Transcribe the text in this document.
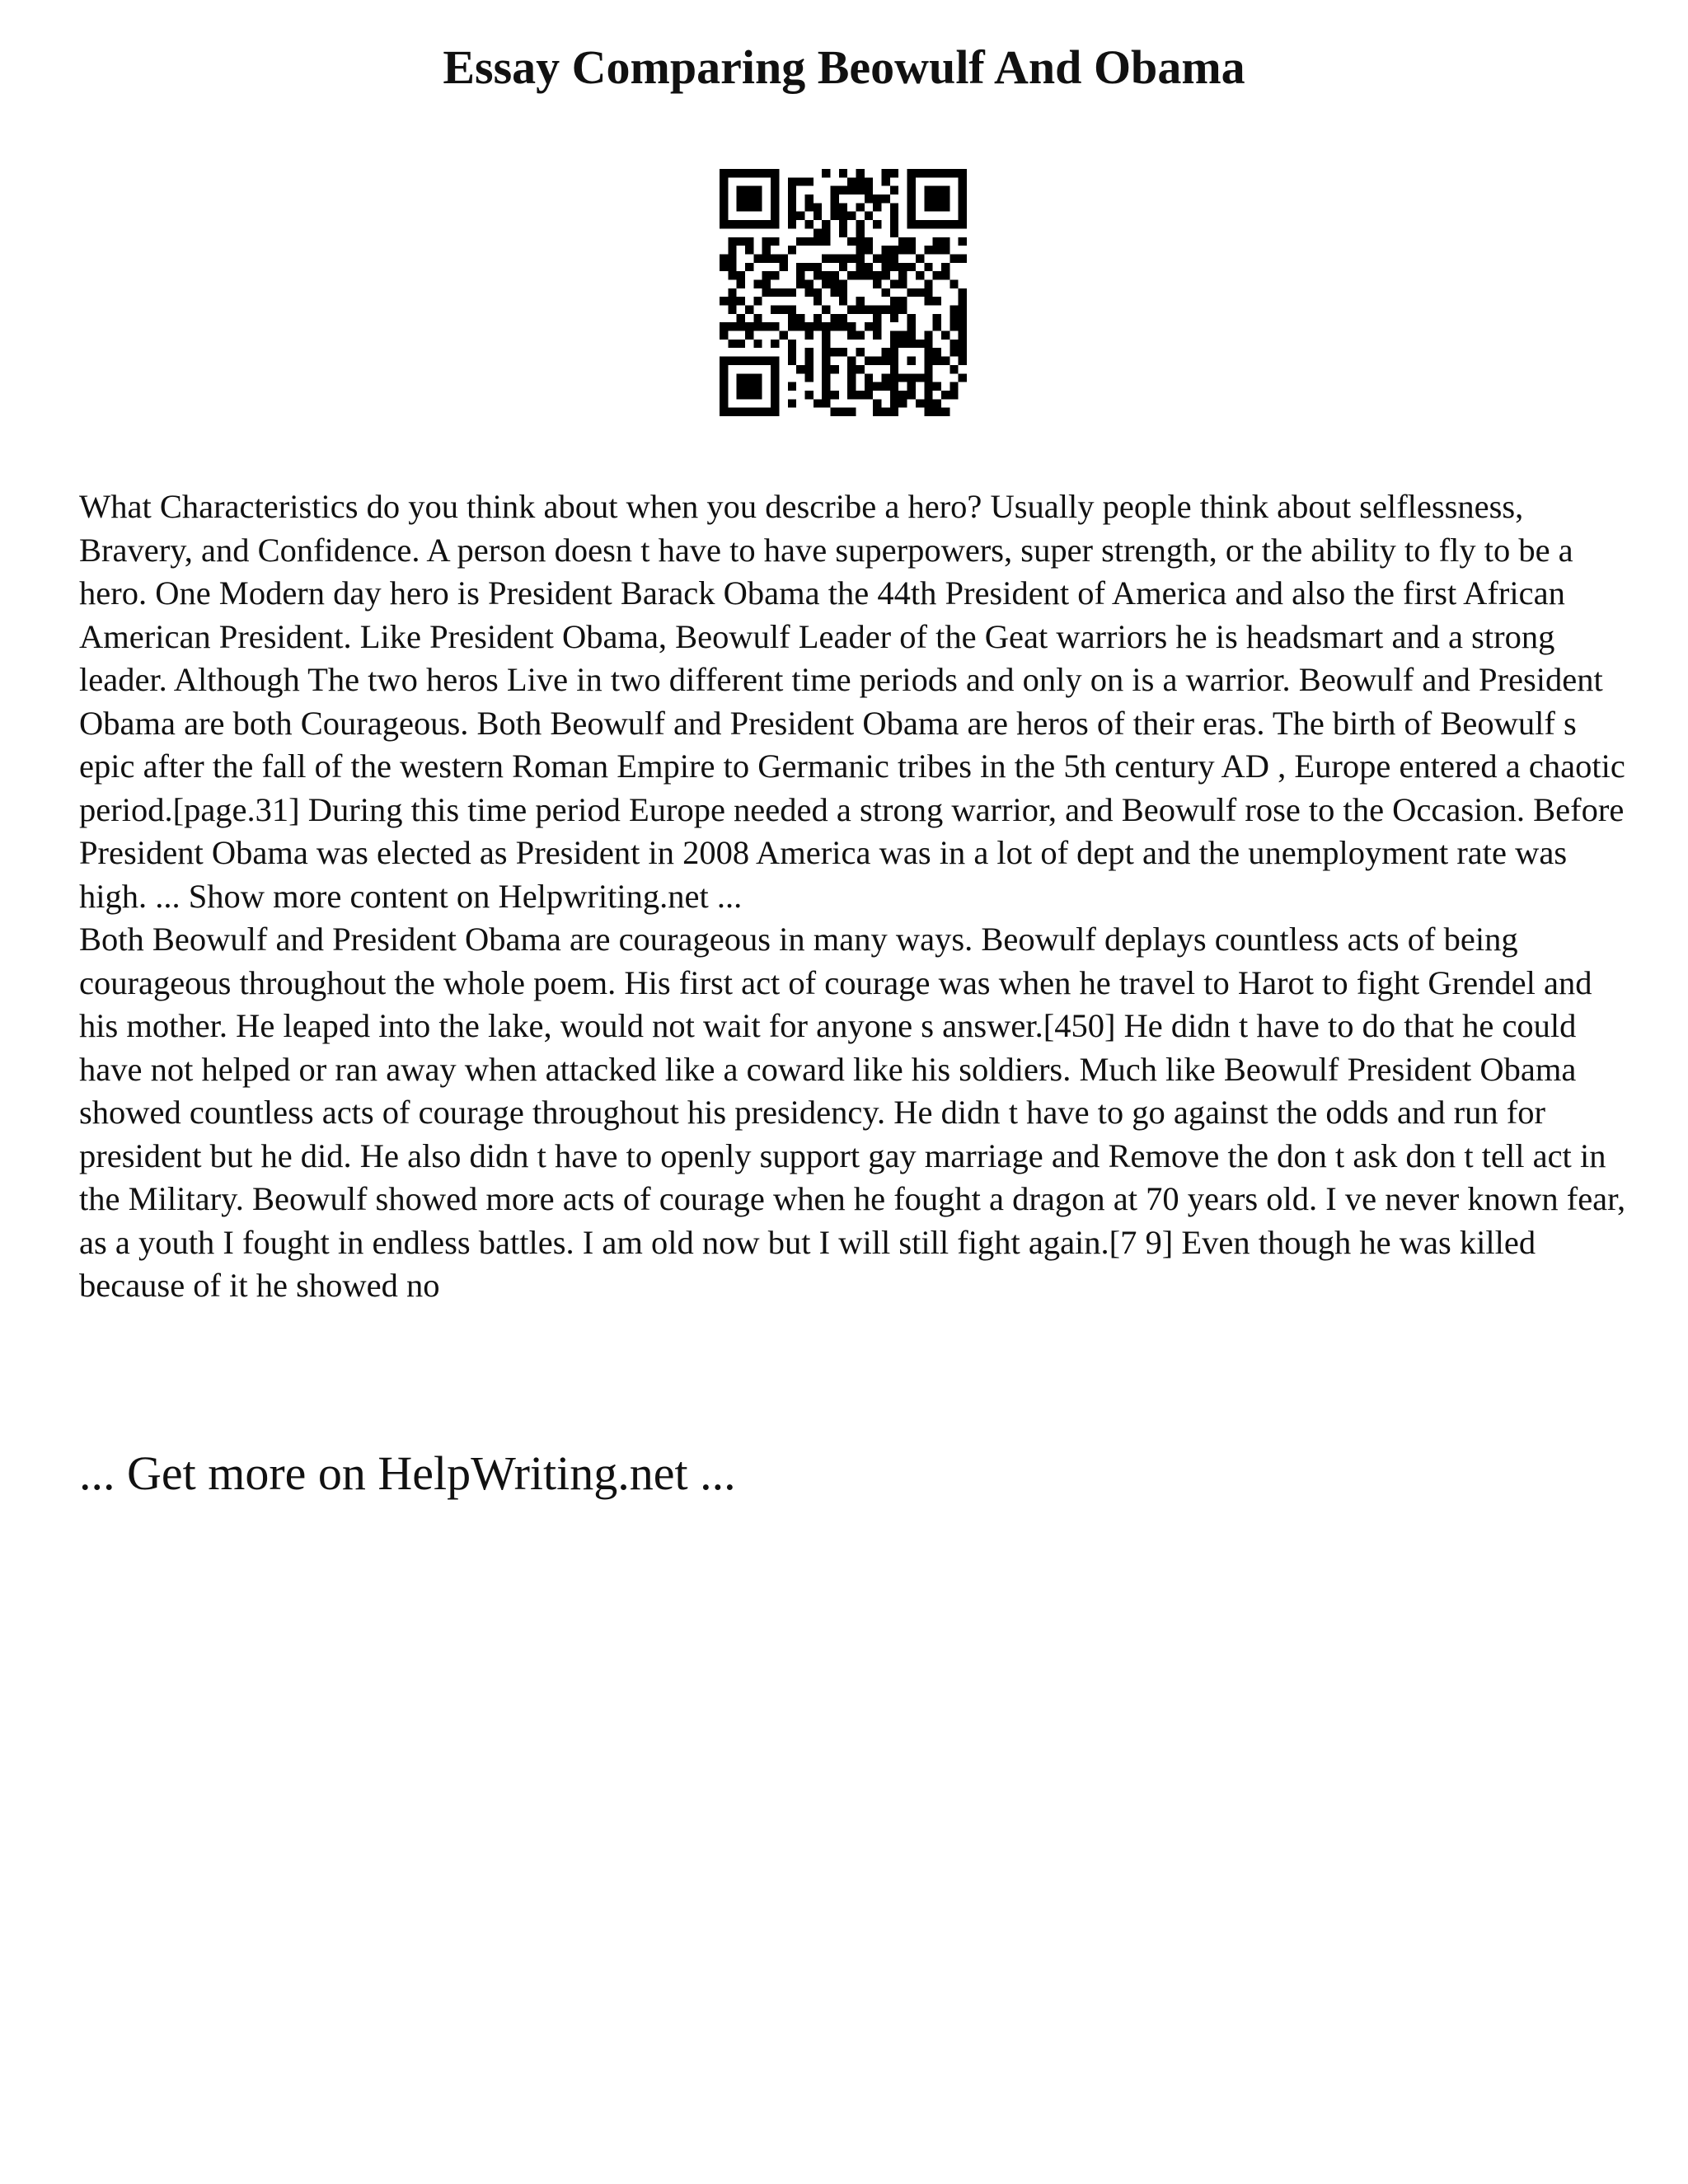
Essay Comparing Beowulf And Obama

What Characteristics do you think about when you describe a hero? Usually people think about selflessness, Bravery, and Confidence. A person doesn t have to have superpowers, super strength, or the ability to fly to be a hero. One Modern day hero is President Barack Obama the 44th President of America and also the first African American President. Like President Obama, Beowulf Leader of the Geat warriors he is headsmart and a strong leader. Although The two heros Live in two different time periods and only on is a warrior. Beowulf and President Obama are both Courageous. Both Beowulf and President Obama are heros of their eras. The birth of Beowulf s epic after the fall of the western Roman Empire to Germanic tribes in the 5th century AD , Europe entered a chaotic period.[page.31] During this time period Europe needed a strong warrior, and Beowulf rose to the Occasion. Before President Obama was elected as President in 2008 America was in a lot of dept and the unemployment rate was high. ... Show more content on Helpwriting.net ...

Both Beowulf and President Obama are courageous in many ways. Beowulf deplays countless acts of being courageous throughout the whole poem. His first act of courage was when he travel to Harot to fight Grendel and his mother. He leaped into the lake, would not wait for anyone s answer.[450] He didn t have to do that he could have not helped or ran away when attacked like a coward like his soldiers. Much like Beowulf President Obama showed countless acts of courage throughout his presidency. He didn t have to go against the odds and run for president but he did. He also didn t have to openly support gay marriage and Remove the don t ask don t tell act in the Military. Beowulf showed more acts of courage when he fought a dragon at 70 years old. I ve never known fear, as a youth I fought in endless battles. I am old now but I will still fight again.[7 9] Even though he was killed because of it he showed no

... Get more on HelpWriting.net ...
